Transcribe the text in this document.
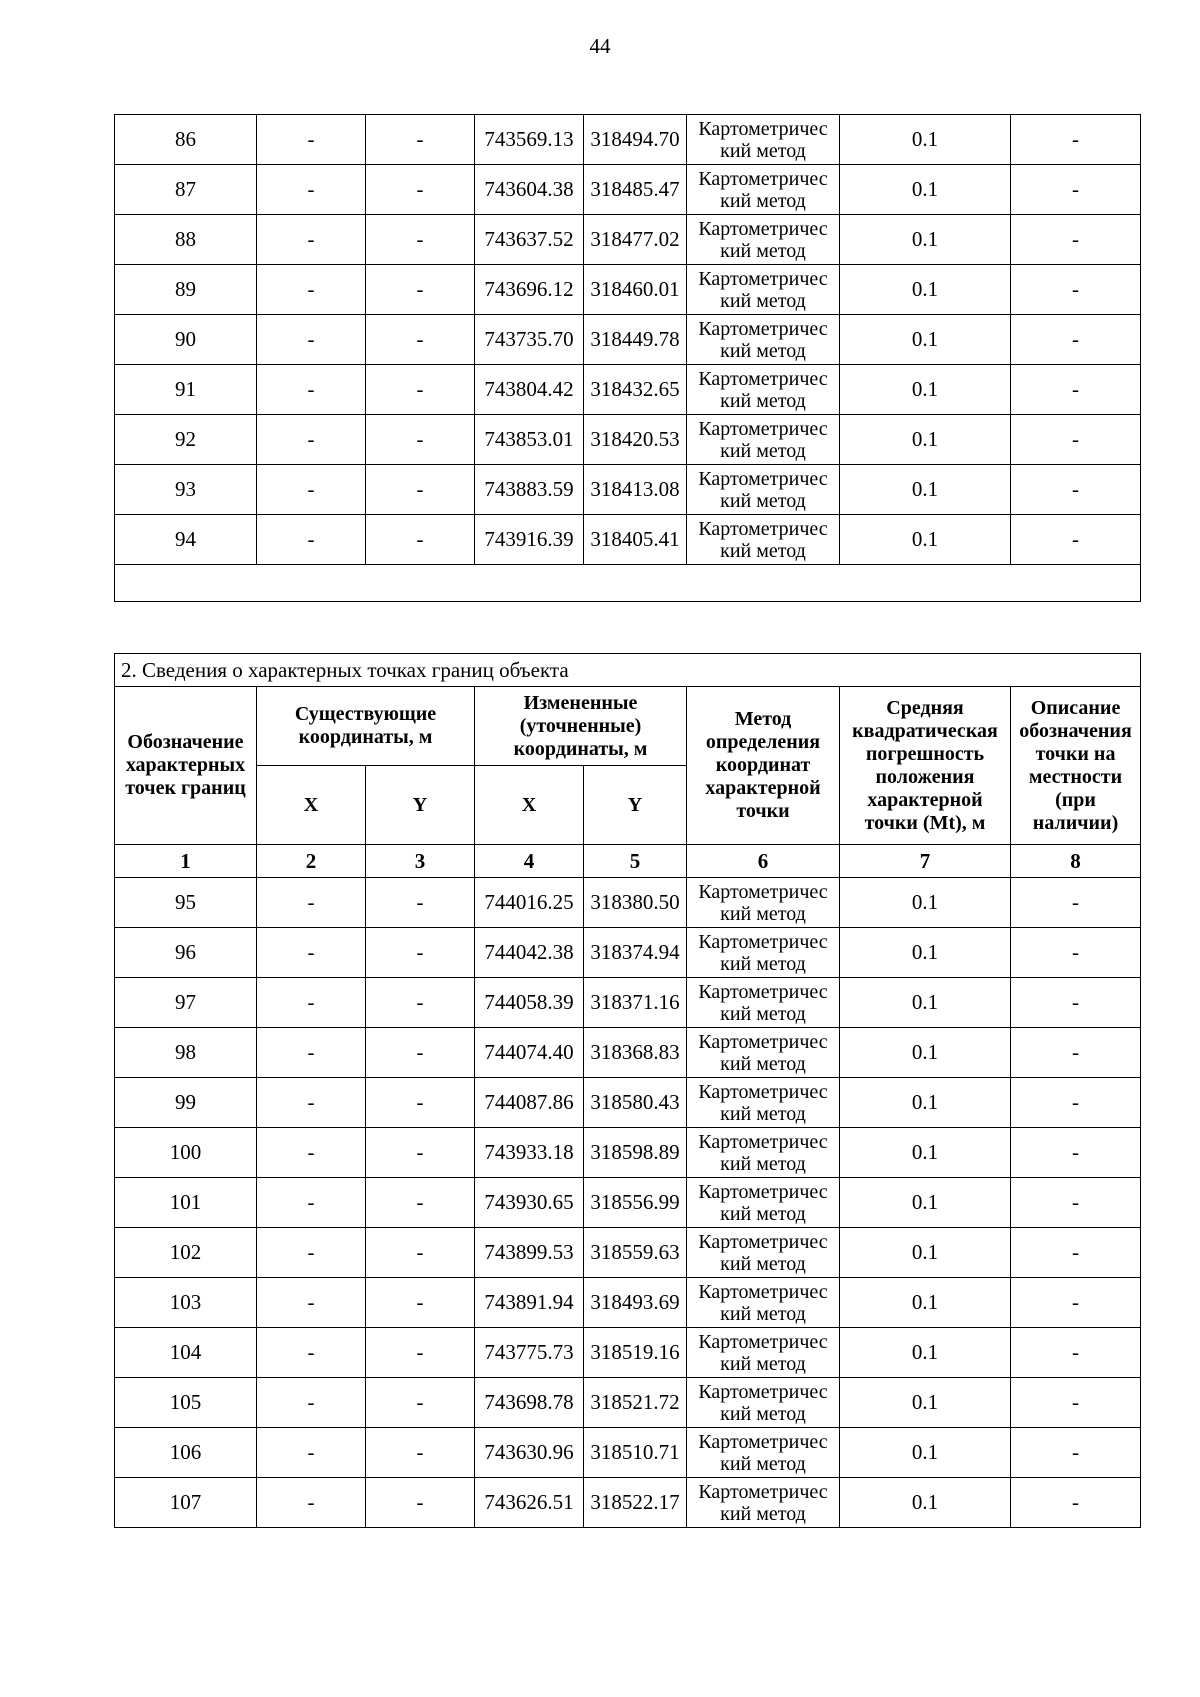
44
86	-	-	743569.13	318494.70	Картометричес кий метод	0.1	-
87	-	-	743604.38	318485.47	Картометричес кий метод	0.1	-
88	-	-	743637.52	318477.02	Картометричес кий метод	0.1	-
89	-	-	743696.12	318460.01	Картометричес кий метод	0.1	-
90	-	-	743735.70	318449.78	Картометричес кий метод	0.1	-
91	-	-	743804.42	318432.65	Картометричес кий метод	0.1	-
92	-	-	743853.01	318420.53	Картометричес кий метод	0.1	-
93	-	-	743883.59	318413.08	Картометричес кий метод	0.1	-
94	-	-	743916.39	318405.41	Картометричес кий метод	0.1	-

2. Сведения о характерных точках границ объекта							
Обозначение характерных точек границ	Существующие координаты, м		Измененные (уточненные) координаты, м		Метод определения координат характерной точки	Средняя квадратическая погрешность положения характерной точки (Mt), м	Описание обозначения точки на местности (при наличии)
	X	Y	X	Y			
1	2	3	4	5	6	7	8
95	-	-	744016.25	318380.50	Картометричес кий метод	0.1	-
96	-	-	744042.38	318374.94	Картометричес кий метод	0.1	-
97	-	-	744058.39	318371.16	Картометричес кий метод	0.1	-
98	-	-	744074.40	318368.83	Картометричес кий метод	0.1	-
99	-	-	744087.86	318580.43	Картометричес кий метод	0.1	-
100	-	-	743933.18	318598.89	Картометричес кий метод	0.1	-
101	-	-	743930.65	318556.99	Картометричес кий метод	0.1	-
102	-	-	743899.53	318559.63	Картометричес кий метод	0.1	-
103	-	-	743891.94	318493.69	Картометричес кий метод	0.1	-
104	-	-	743775.73	318519.16	Картометричес кий метод	0.1	-
105	-	-	743698.78	318521.72	Картометричес кий метод	0.1	-
106	-	-	743630.96	318510.71	Картометричес кий метод	0.1	-
107	-	-	743626.51	318522.17	Картометричес кий метод	0.1	-
